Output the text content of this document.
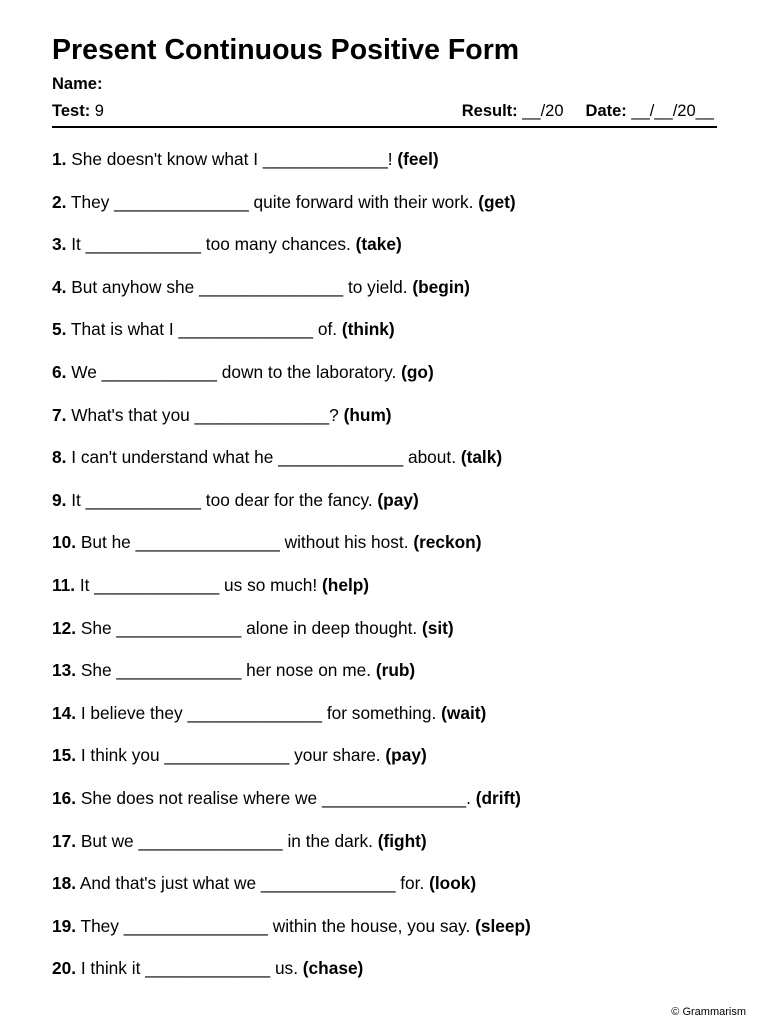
Present Continuous Positive Form
Name:
Test: 9	Result: __/20 Date: __/__/20__
1. She doesn't know what I _____________! (feel)
2. They ______________ quite forward with their work. (get)
3. It ____________ too many chances. (take)
4. But anyhow she _______________ to yield. (begin)
5. That is what I ______________ of. (think)
6. We ____________ down to the laboratory. (go)
7. What's that you ______________? (hum)
8. I can't understand what he _____________ about. (talk)
9. It ____________ too dear for the fancy. (pay)
10. But he _______________ without his host. (reckon)
11. It _____________ us so much! (help)
12. She _____________ alone in deep thought. (sit)
13. She _____________ her nose on me. (rub)
14. I believe they ______________ for something. (wait)
15. I think you _____________ your share. (pay)
16. She does not realise where we _______________. (drift)
17. But we _______________ in the dark. (fight)
18. And that's just what we ______________ for. (look)
19. They _______________ within the house, you say. (sleep)
20. I think it _____________ us. (chase)
© Grammarism
